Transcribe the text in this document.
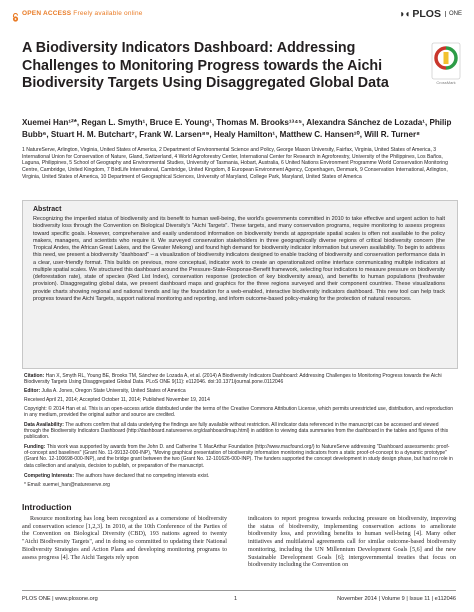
OPEN ACCESS Freely available online	◗◖ PLOS	ONE
A Biodiversity Indicators Dashboard: Addressing Challenges to Monitoring Progress towards the Aichi Biodiversity Targets Using Disaggregated Global Data	CrossMark
Xuemei Han¹²*, Regan L. Smyth¹, Bruce E. Young¹, Thomas M. Brooks¹³⁴⁵, Alexandra Sánchez de Lozada¹, Philip Bubb⁶, Stuart H. M. Butchart⁷, Frank W. Larsen⁸⁹, Healy Hamilton¹, Matthew C. Hansen¹⁰, Will R. Turner⁸
1 NatureServe, Arlington, Virginia, United States of America, 2 Department of Environmental Science and Policy, George Mason University, Fairfax, Virginia, United States of America, 3 International Union for Conservation of Nature, Gland, Switzerland, 4 World Agroforestry Center, International Center for Research in Agroforestry, University of the Philippines, Los Baños, Laguna, Philippines, 5 School of Geography and Environmental Studies, University of Tasmania, Hobart, Australia, 6 United Nations Environment Programme World Conservation Monitoring Centre, Cambridge, United Kingdom, 7 BirdLife International, Cambridge, United Kingdom, 8 European Environment Agency, Copenhagen, Denmark, 9 Conservation International, Arlington, Virginia, United States of America, 10 Department of Geographical Sciences, University of Maryland, College Park, Maryland, United States of America
Abstract
Recognizing the imperiled status of biodiversity and its benefit to human well-being, the world's governments committed in 2010 to take effective and urgent action to halt biodiversity loss through the Convention on Biological Diversity's "Aichi Targets". These targets, and many conservation programs, require monitoring to assess progress toward specific goals. However, comprehensive and easily understood information on biodiversity trends at appropriate spatial scales is often not available to the policy makers, managers, and scientists who require it. We surveyed conservation stakeholders in three geographically diverse regions of critical biodiversity concern (the Tropical Andes, the African Great Lakes, and the Greater Mekong) and found high demand for biodiversity indicator information but uneven availability. To begin to address this need, we present a biodiversity "dashboard" – a visualization of biodiversity indicators designed to enable tracking of biodiversity and conservation performance data in a clear, user-friendly format. This builds on previous, more conceptual, indicator work to create an operationalized online interface communicating multiple indicators at multiple spatial scales. We structured this dashboard around the Pressure-State-Response-Benefit framework, selecting four indicators to measure pressure on biodiversity (deforestation rate), state of species (Red List Index), conservation response (protection of key biodiversity areas), and benefits to human populations (freshwater provision). Disaggregating global data, we present dashboard maps and graphics for the three regions surveyed and their component countries. These visualizations provide charts showing regional and national trends and lay the foundation for a web-enabled, interactive biodiversity indicators dashboard. This new tool can help track progress toward the Aichi Targets, support national monitoring and reporting, and inform outcome-based policy-making for the protection of natural resources.

Citation: Han X, Smyth RL, Young BE, Brooks TM, Sánchez de Lozada A, et al. (2014) A Biodiversity Indicators Dashboard: Addressing Challenges to Monitoring Progress towards the Aichi Biodiversity Targets Using Disaggregated Global Data. PLoS ONE 9(11): e112046. doi:10.1371/journal.pone.0112046

Editor: Julia A. Jones, Oregon State University, United States of America

Received April 21, 2014; Accepted October 11, 2014; Published November 19, 2014

Copyright: © 2014 Han et al. This is an open-access article distributed under the terms of the Creative Commons Attribution License, which permits unrestricted use, distribution, and reproduction in any medium, provided the original author and source are credited.

Data Availability: The authors confirm that all data underlying the findings are fully available without restriction. All indicator data referenced in the manuscript can be accessed and viewed through the Biodiversity Indicators Dashboard (http://dashboard.natureserve.org/dashboard/map.html) in addition to viewing data summaries from the dashboard in the tables and figures of this publication.

Funding: This work was supported by awards from the John D. and Catherine T. MacArthur Foundation (http://www.macfound.org/) to NatureServe addressing "Dashboard assessments: proof-of-concept and baselines" (Grant No. 11-99132-000-INP), "Moving graphical presentation of biodiversity information monitoring indicators from a static proof-of-concept to a dynamic prototype" (Grant No. 12-100698-000-INP), and the bridge grant between the two (Grant No. 12-101626-000-INP). The funders supported the concept development in study design phase, but had no role in data collection and analysis, decision to publish, or preparation of the manuscript.

Competing Interests: The authors have declared that no competing interests exist.

* Email: xuemei_han@natureserve.org

Introduction
Resource monitoring has long been recognized as a cornerstone of biodiversity and conservation science [1,2,3]. In 2010, at the 10th Conference of the Parties of the Convention on Biological Diversity (CBD), 193 nations agreed to twenty "Aichi Biodiversity Targets", and in doing so committed to updating their National Biodiversity Strategies and Action Plans and developing monitoring programs to assess progress [4]. The Aichi Targets rely upon
indicators to report progress towards reducing pressure on biodiversity, improving the status of biodiversity, implementing conservation actions to ameliorate biodiversity loss, and providing benefits to human well-being [4]. Many other initiatives and multilateral agreements call for similar outcome-based biodiversity monitoring, including the UN Millennium Development Goals [5,6] and the new Sustainable Development Goals [6]; intergovernmental treaties that focus on biodiversity including the Convention on
PLOS ONE | www.plosone.org	1	November 2014 | Volume 9 | Issue 11 | e112046
